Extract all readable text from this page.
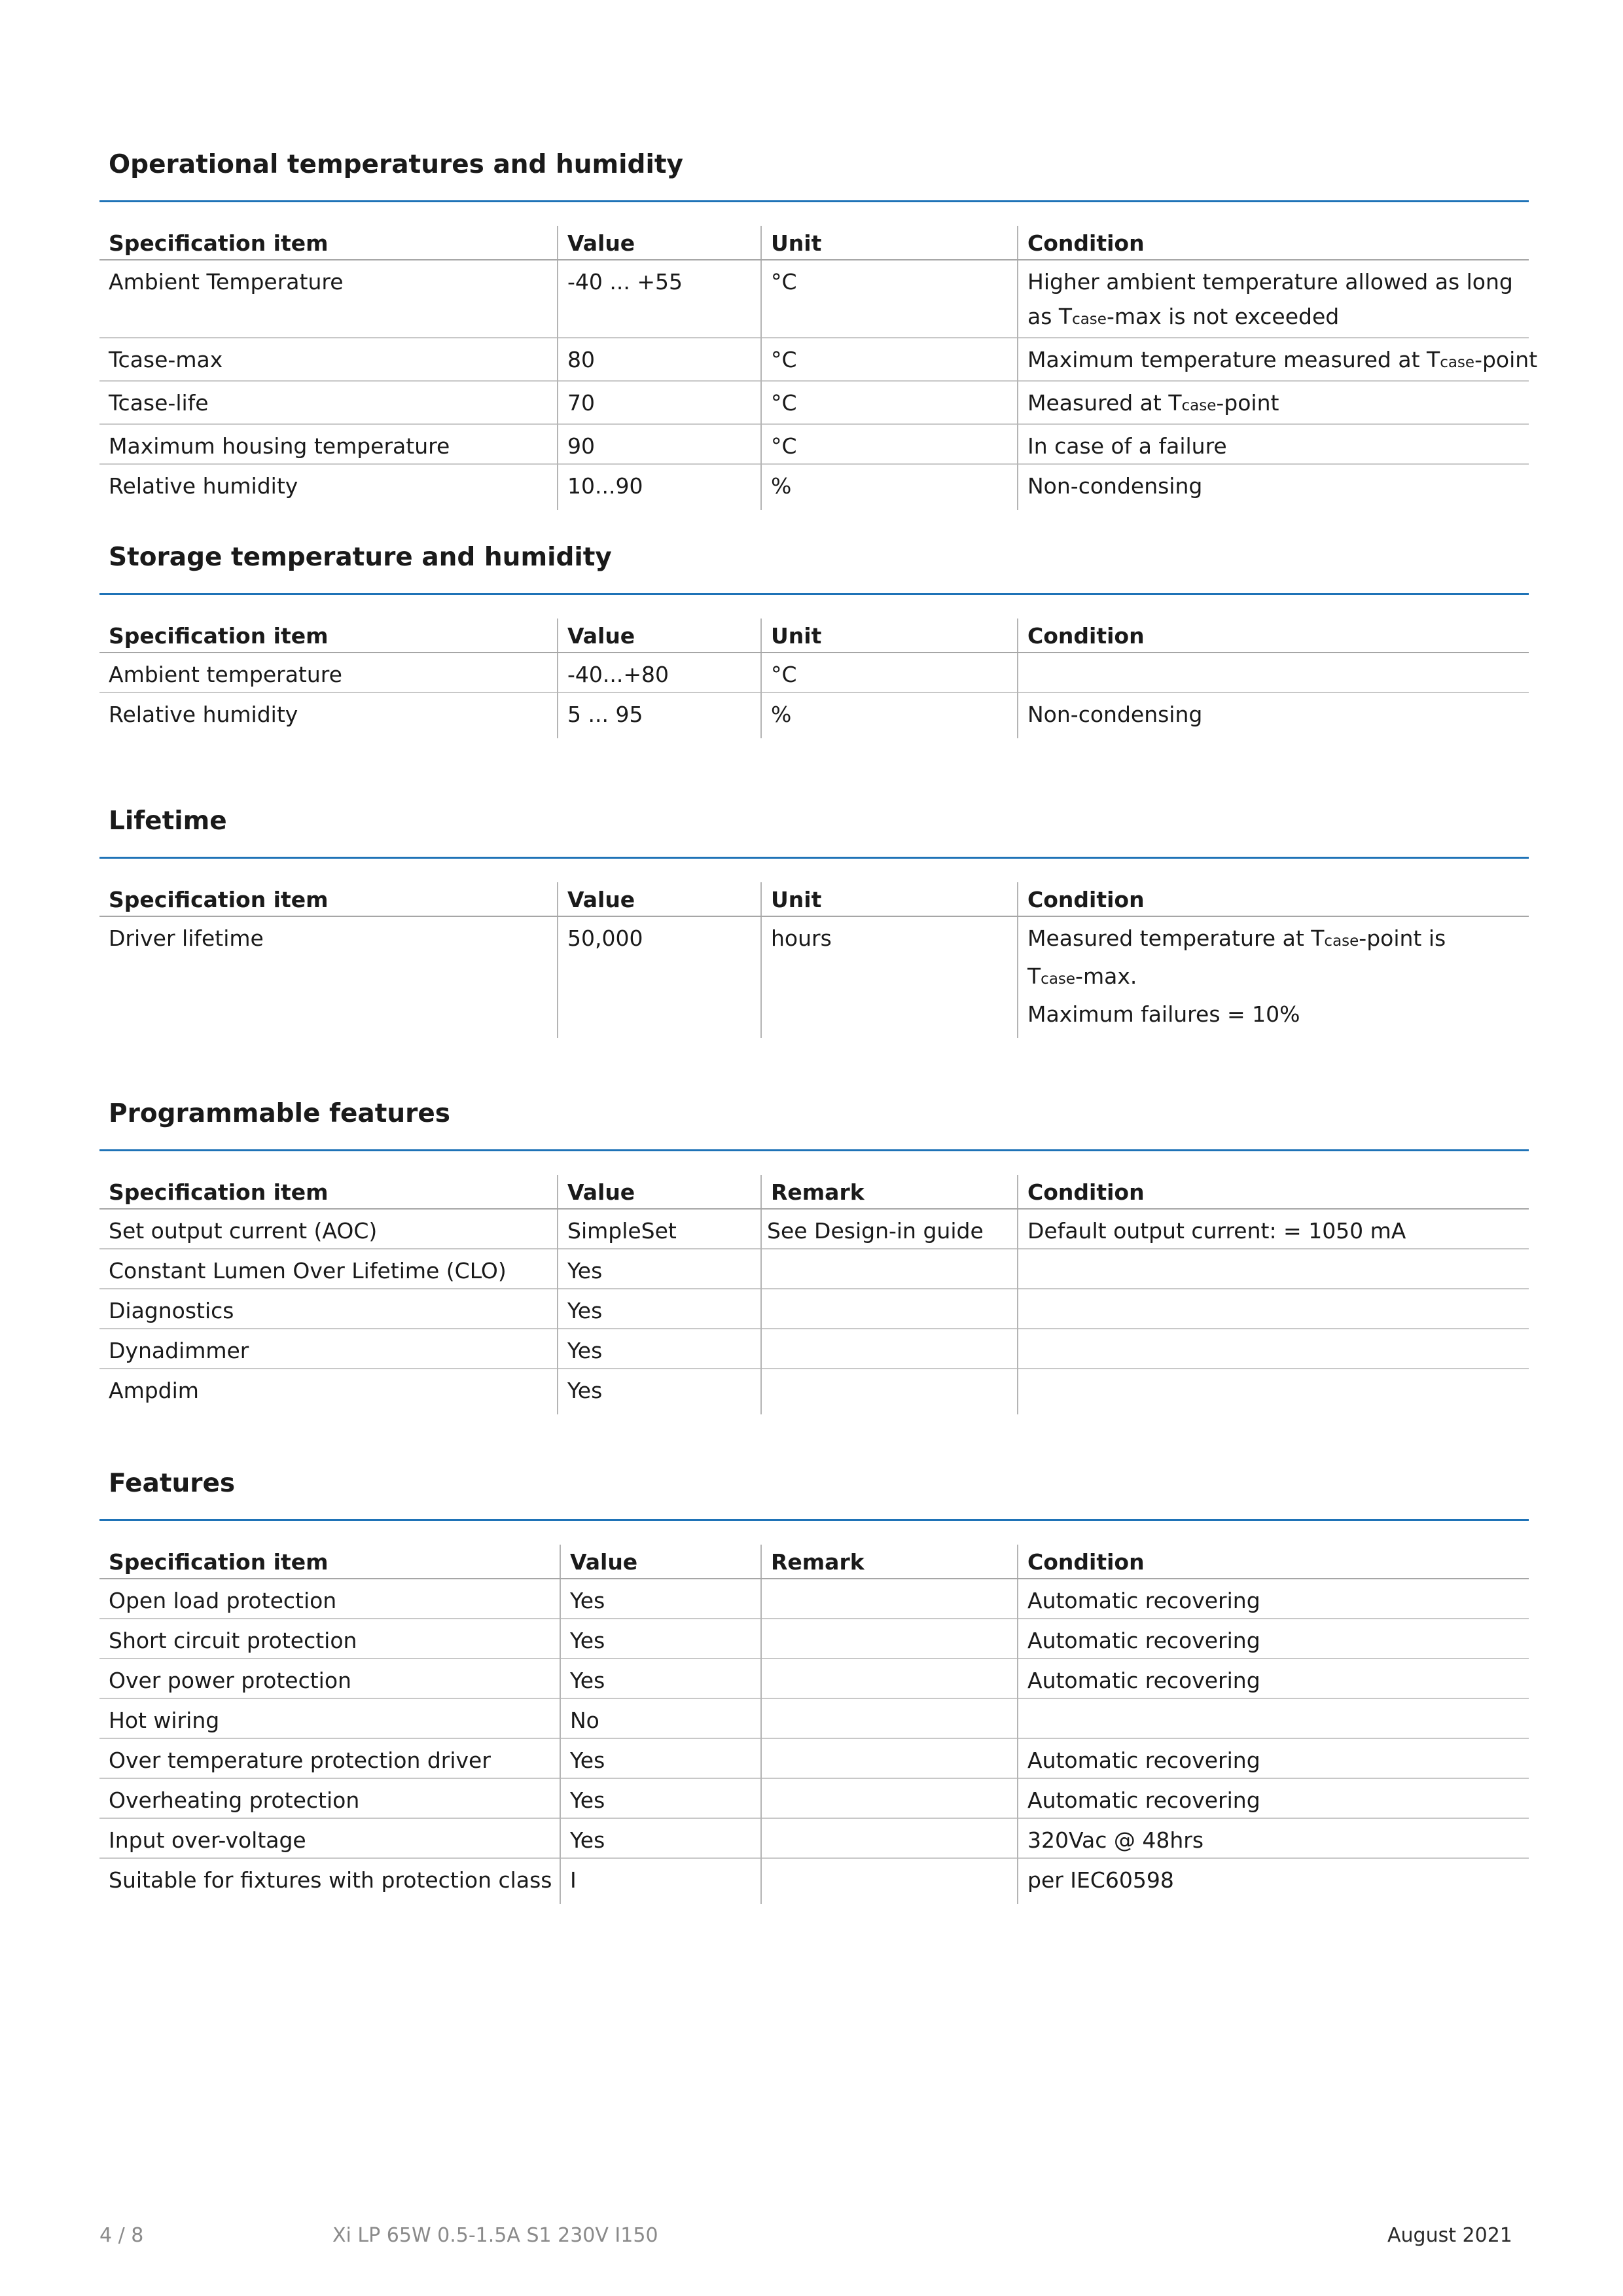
Operational temperatures and humidity
Specification item	Value	Unit	Condition
Ambient Temperature	-40 ... +55	°C	Higher ambient temperature allowed as long
as Tcase-max is not exceeded

Tcase-max	80	°C	Maximum temperature measured at Tcase-point
Tcase-life	70	°C	Measured at Tcase-point
Maximum housing temperature	90	°C	In case of a failure
Relative humidity	10...90	%	Non-condensing
Storage temperature and humidity
Specification item	Value	Unit	Condition
Ambient temperature	-40...+80	°C	
Relative humidity	5 ... 95	%	Non-condensing
Lifetime
Specification item	Value	Unit	Condition
Driver lifetime	50,000	hours	Measured temperature at Tcase-point is
Tcase-max.
Maximum failures = 10%
Programmable features
Specification item	Value	Remark	Condition
Set output current (AOC)	SimpleSet	See Design-in guide	Default output current: = 1050 mA
Constant Lumen Over Lifetime (CLO)	Yes		
Diagnostics	Yes		
Dynadimmer	Yes		
Ampdim	Yes		
Features
Specification item	Value	Remark	Condition
Open load protection	Yes		Automatic recovering
Short circuit protection	Yes		Automatic recovering
Over power protection	Yes		Automatic recovering
Hot wiring	No		
Over temperature protection driver	Yes		Automatic recovering
Overheating protection	Yes		Automatic recovering
Input over-voltage	Yes		320Vac @ 48hrs
Suitable for fixtures with protection class	I		per IEC60598
4 / 8	Xi LP 65W 0.5-1.5A S1 230V I150	August 2021
